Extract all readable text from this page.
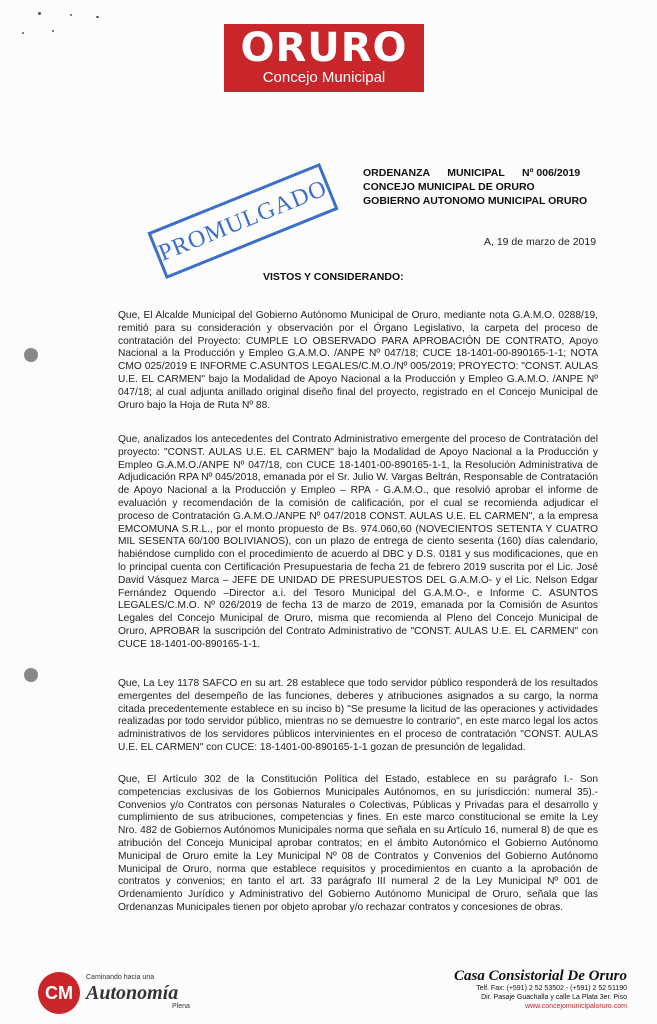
ORURO
Concejo Municipal
ORDENANZA      MUNICIPAL      Nº 006/2019
CONCEJO MUNICIPAL DE ORURO
GOBIERNO AUTONOMO MUNICIPAL ORURO
PROMULGADO	A, 19 de marzo de 2019
VISTOS Y CONSIDERANDO:
Que, El Alcalde Municipal del Gobierno Autónomo Municipal de Oruro, mediante nota G.A.M.O. 0288/19, remitió para su consideración y observación por el Órgano Legislativo, la carpeta del proceso de contratación del Proyecto: CUMPLE LO OBSERVADO PARA APROBACIÓN DE CONTRATO, Apoyo Nacional a la Producción y Empleo G.A.M.O. /ANPE Nº 047/18; CUCE 18-1401-00-890165-1-1; NOTA CMO 025/2019 E INFORME C.ASUNTOS LEGALES/C.M.O./Nº 005/2019; PROYECTO: "CONST. AULAS U.E. EL CARMEN" bajo la Modalidad de Apoyo Nacional a la Producción y Empleo G.A.M.O. /ANPE Nº 047/18; al cual adjunta anillado original diseño final del proyecto, registrado en el Concejo Municipal de Oruro bajo la Hoja de Ruta Nº 88.
Que, analizados los antecedentes del Contrato Administrativo emergente del proceso de Contratación del proyecto: "CONST. AULAS U.E. EL CARMEN" bajo la Modalidad de Apoyo Nacional a la Producción y Empleo G.A.M.O./ANPE Nº 047/18, con CUCE 18-1401-00-890165-1-1, la Resolución Administrativa de Adjudicación RPA Nº 045/2018, emanada por el Sr. Julio W. Vargas Beltrán, Responsable de Contratación de Apoyo Nacional a la Producción y Empleo – RPA - G.A.M.O., que resolvió aprobar el informe de evaluación y recomendación de la comisión de calificación, por el cual se recomienda adjudicar el proceso de Contratación G.A.M.O./ANPE Nº 047/2018 CONST. AULAS U.E. EL CARMEN", a la empresa EMCOMUNA S.R.L., por el monto propuesto de Bs. 974.060,60 (NOVECIENTOS SETENTA Y CUATRO MIL SESENTA 60/100 BOLIVIANOS), con un plazo de entrega de ciento sesenta (160) días calendario, habiéndose cumplido con el procedimiento de acuerdo al DBC y D.S. 0181 y sus modificaciones, que en lo principal cuenta con Certificación Presupuestaria de fecha 21 de febrero 2019 suscrita por el Lic. José David Vásquez Marca – JEFE DE UNIDAD DE PRESUPUESTOS DEL G.A.M.O- y el Lic. Nelson Edgar Fernández Oquendo –Director a.i. del Tesoro Municipal del G.A.M.O-, e Informe C. ASUNTOS LEGALES/C.M.O. Nº 026/2019 de fecha 13 de marzo de 2019, emanada por la Comisión de Asuntos Legales del Concejo Municipal de Oruro, misma que recomienda al Pleno del Concejo Municipal de Oruro, APROBAR la suscripción del Contrato Administrativo de "CONST. AULAS U.E. EL CARMEN" con CUCE 18-1401-00-890165-1-1.
Que, La Ley 1178 SAFCO en su art. 28 establece que todo servidor público responderá de los resultados emergentes del desempeño de las funciones, deberes y atribuciones asignados a su cargo, la norma citada precedentemente establece en su inciso b) "Se presume la licitud de las operaciones y actividades realizadas por todo servidor público, mientras no se demuestre lo contrario", en este marco legal los actos administrativos de los servidores públicos intervinientes en el proceso de contratación "CONST. AULAS U.E. EL CARMEN" con CUCE: 18-1401-00-890165-1-1 gozan de presunción de legalidad.
Que, El Artículo 302 de la Constitución Política del Estado, establece en su parágrafo I.- Son competencias exclusivas de los Gobiernos Municipales Autónomos, en su jurisdicción: numeral 35).- Convenios y/o Contratos con personas Naturales o Colectivas, Públicas y Privadas para el desarrollo y cumplimiento de sus atribuciones, competencias y fines. En este marco constitucional se emite la Ley Nro. 482 de Gobiernos Autónomos Municipales norma que señala en su Artículo 16, numeral 8) de que es atribución del Concejo Municipal aprobar contratos; en el ámbito Autonómico el Gobierno Autónomo Municipal de Oruro emite la Ley Municipal Nº 08 de Contratos y Convenios del Gobierno Autónomo Municipal de Oruro, norma que establece requisitos y procedimientos en cuanto a la aprobación de contratos y convenios; en tanto el art. 33 parágrafo III numeral 2 de la Ley Municipal Nº 001 de Ordenamiento Jurídico y Administrativo del Gobierno Autónomo Municipal de Oruro, señala que las Ordenanzas Municipales tienen por objeto aprobar y/o rechazar contratos y concesiones de obras.
CM
Caminando hacia una
Autonomía
Plena
Casa Consistorial De Oruro
Telf. Fax: (+591) 2 52 53502 - (+591) 2 52 51190
Dir. Pasaje Guachalla y calle La Plata 3er. Piso
www.concejomunicipaloruro.com
